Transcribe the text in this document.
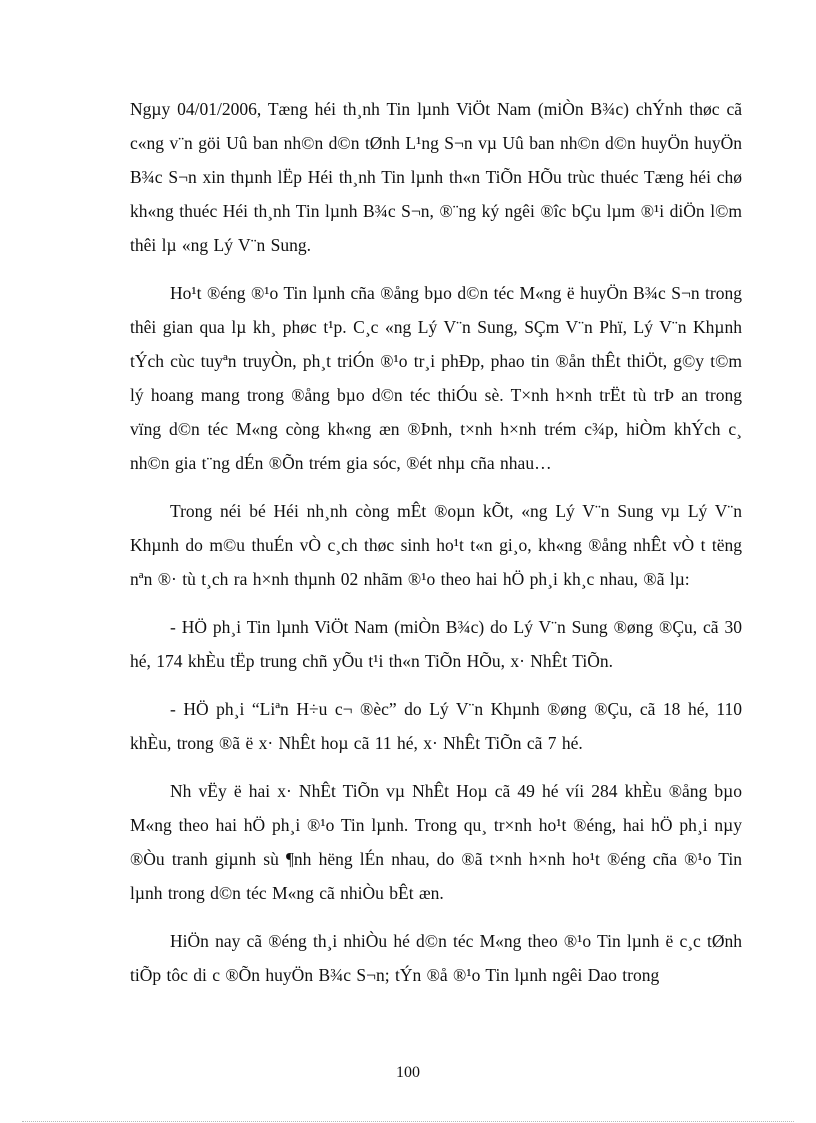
Ngµy 04/01/2006, Tæng héi th¸nh Tin lµnh ViÖt Nam (miÒn B¾c) chÝnh thøc cã c«ng v¨n göi Uû ban nh©n d©n tØnh L¹ng S¬n vµ Uû ban nh©n d©n huyÖn huyÖn B¾c S¬n xin thµnh lËp Héi th¸nh Tin lµnh th«n TiÕn HÕu trùc thuéc Tæng héi chø kh«ng thuéc Héi th¸nh Tin lµnh B¾c S¬n, ®¨ng ký ngêi ®îc bÇu lµm ®¹i diÖn l©m thêi lµ «ng Lý V¨n Sung.

Ho¹t ®éng ®¹o Tin lµnh cña ®ång bµo d©n téc M«ng ë huyÖn B¾c S¬n trong thêi gian qua lµ kh¸ phøc t¹p. C¸c «ng Lý V¨n Sung, SÇm V¨n Phï, Lý V¨n Khµnh tÝch cùc tuyªn truyÒn, ph¸t triÓn ®¹o tr¸i phÐp, phao tin ®ån thÊt thiÖt, g©y t©m lý hoang mang trong ®ång bµo d©n téc thiÓu sè. T×nh h×nh trËt tù trÞ an trong vïng d©n téc M«ng còng kh«ng æn ®Þnh, t×nh h×nh trém c¾p, hiÒm khÝch c¸ nh©n gia t¨ng dÉn ®Õn trém gia sóc, ®ét nhµ cña nhau…

Trong néi bé Héi nh¸nh còng mÊt ®oµn kÕt, «ng Lý V¨n Sung vµ Lý V¨n Khµnh do m©u thuÉn vÒ c¸ch thøc sinh ho¹t t«n gi¸o, kh«ng ®ång nhÊt vÒ t tëng nªn ®· tù t¸ch ra h×nh thµnh 02 nhãm ®¹o theo hai hÖ ph¸i kh¸c nhau, ®ã lµ:

- HÖ ph¸i Tin lµnh ViÖt Nam (miÒn B¾c) do Lý V¨n Sung ®øng ®Çu, cã 30 hé, 174 khÈu tËp trung chñ yÕu t¹i th«n TiÕn HÕu, x· NhÊt TiÕn.

- HÖ ph¸i “Liªn H÷u c¬ ®èc” do Lý V¨n Khµnh ®øng ®Çu, cã 18 hé, 110 khÈu, trong ®ã ë x· NhÊt hoµ cã 11 hé, x· NhÊt TiÕn cã 7 hé.

Nh vËy ë hai x· NhÊt TiÕn vµ NhÊt Hoµ cã 49 hé víi 284 khÈu ®ång bµo M«ng theo hai hÖ ph¸i ®¹o Tin lµnh. Trong qu¸ tr×nh ho¹t ®éng, hai hÖ ph¸i nµy ®Òu tranh giµnh sù ¶nh hëng lÉn nhau, do ®ã t×nh h×nh ho¹t ®éng cña ®¹o Tin lµnh trong d©n téc M«ng cã nhiÒu bÊt æn.

HiÖn nay cã ®éng th¸i nhiÒu hé d©n téc M«ng theo ®¹o Tin lµnh ë c¸c tØnh tiÕp tôc di c ®Õn huyÖn B¾c S¬n; tÝn ®å ®¹o Tin lµnh ngêi Dao trong

100
